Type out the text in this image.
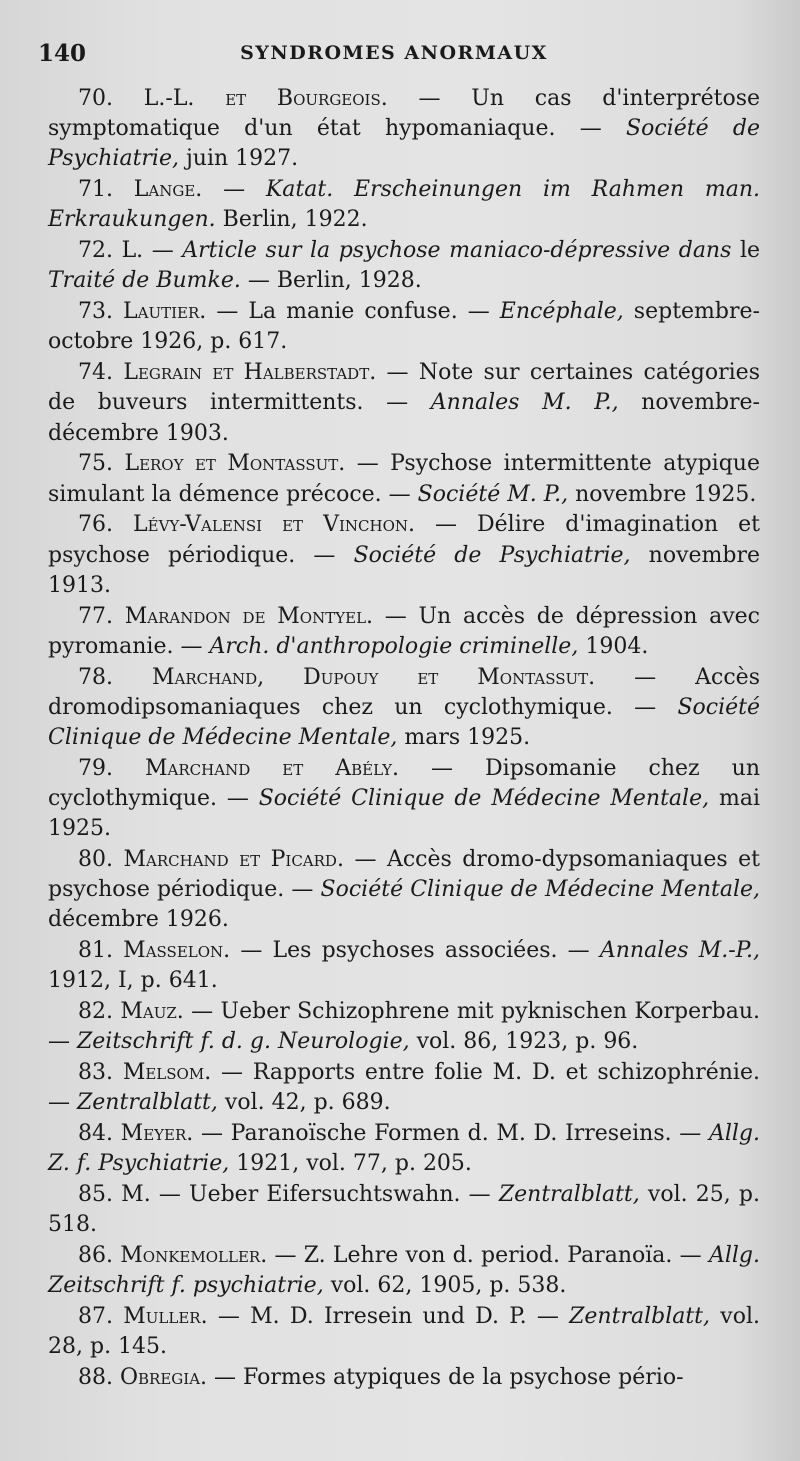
140	SYNDROMES ANORMAUX

70. L.-L. et Bourgeois. — Un cas d'interprétose symptomatique d'un état hypomaniaque. — Société de Psychiatrie, juin 1927.

71. Lange. — Katat. Erscheinungen im Rahmen man. Erkraukungen. Berlin, 1922.

72. L. — Article sur la psychose maniaco-dépressive dans le Traité de Bumke. — Berlin, 1928.

73. Lautier. — La manie confuse. — Encéphale, septembre-octobre 1926, p. 617.

74. Legrain et Halberstadt. — Note sur certaines catégories de buveurs intermittents. — Annales M. P., novembre-décembre 1903.

75. Leroy et Montassut. — Psychose intermittente atypique simulant la démence précoce. — Société M. P., novembre 1925.

76. Lévy-Valensi et Vinchon. — Délire d'imagination et psychose périodique. — Société de Psychiatrie, novembre 1913.

77. Marandon de Montyel. — Un accès de dépression avec pyromanie. — Arch. d'anthropologie criminelle, 1904.

78. Marchand, Dupouy et Montassut. — Accès dromodipsomaniaques chez un cyclothymique. — Société Clinique de Médecine Mentale, mars 1925.

79. Marchand et Abély. — Dipsomanie chez un cyclothymique. — Société Clinique de Médecine Mentale, mai 1925.

80. Marchand et Picard. — Accès dromo-dypsomaniaques et psychose périodique. — Société Clinique de Médecine Mentale, décembre 1926.

81. Masselon. — Les psychoses associées. — Annales M.-P., 1912, I, p. 641.

82. Mauz. — Ueber Schizophrene mit pyknischen Korperbau. — Zeitschrift f. d. g. Neurologie, vol. 86, 1923, p. 96.

83. Melsom. — Rapports entre folie M. D. et schizophrénie. — Zentralblatt, vol. 42, p. 689.

84. Meyer. — Paranoïsche Formen d. M. D. Irreseins. — Allg. Z. f. Psychiatrie, 1921, vol. 77, p. 205.

85. M. — Ueber Eifersuchtswahn. — Zentralblatt, vol. 25, p. 518.

86. Monkemoller. — Z. Lehre von d. period. Paranoïa. — Allg. Zeitschrift f. psychiatrie, vol. 62, 1905, p. 538.

87. Muller. — M. D. Irresein und D. P. — Zentralblatt, vol. 28, p. 145.

88. Obregia. — Formes atypiques de la psychose pério-
